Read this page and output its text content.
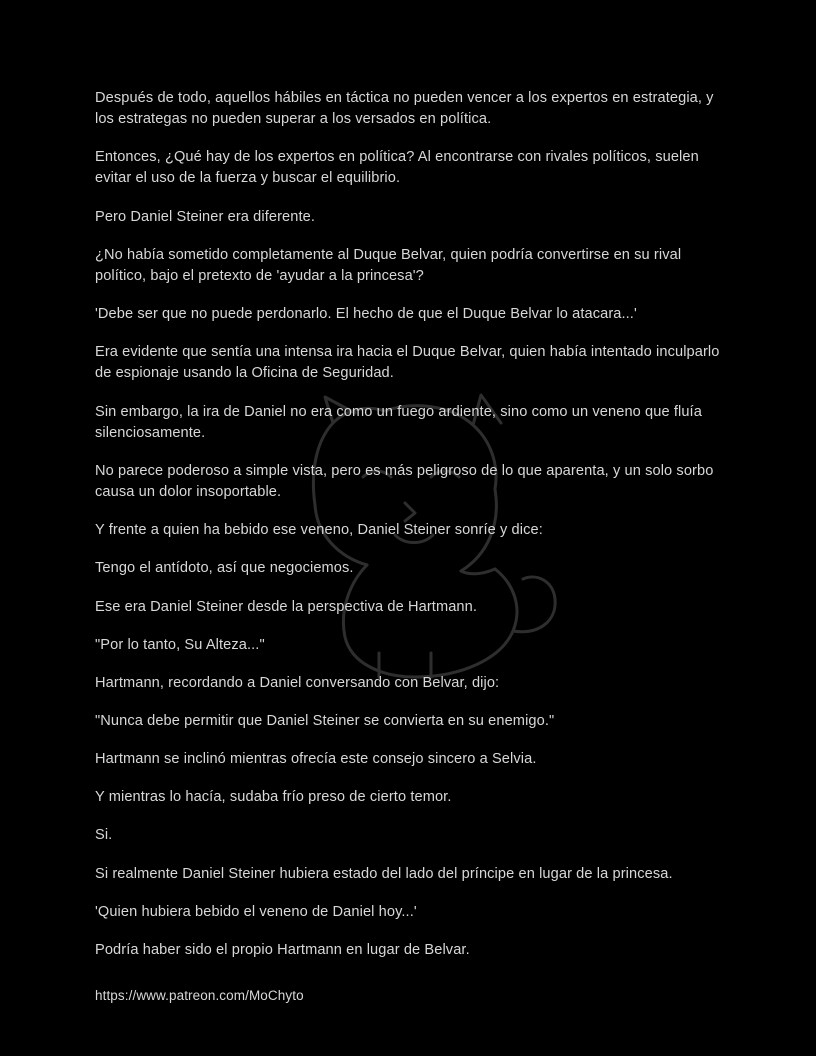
Después de todo, aquellos hábiles en táctica no pueden vencer a los expertos en estrategia, y los estrategas no pueden superar a los versados en política.

Entonces, ¿Qué hay de los expertos en política? Al encontrarse con rivales políticos, suelen evitar el uso de la fuerza y buscar el equilibrio.

Pero Daniel Steiner era diferente.

¿No había sometido completamente al Duque Belvar, quien podría convertirse en su rival político, bajo el pretexto de 'ayudar a la princesa'?

'Debe ser que no puede perdonarlo. El hecho de que el Duque Belvar lo atacara...'

Era evidente que sentía una intensa ira hacia el Duque Belvar, quien había intentado inculparlo de espionaje usando la Oficina de Seguridad.

Sin embargo, la ira de Daniel no era como un fuego ardiente, sino como un veneno que fluía silenciosamente.

No parece poderoso a simple vista, pero es más peligroso de lo que aparenta, y un solo sorbo causa un dolor insoportable.

Y frente a quien ha bebido ese veneno, Daniel Steiner sonríe y dice:

Tengo el antídoto, así que negociemos.

Ese era Daniel Steiner desde la perspectiva de Hartmann.

"Por lo tanto, Su Alteza..."

Hartmann, recordando a Daniel conversando con Belvar, dijo:

"Nunca debe permitir que Daniel Steiner se convierta en su enemigo."

Hartmann se inclinó mientras ofrecía este consejo sincero a Selvia.

Y mientras lo hacía, sudaba frío preso de cierto temor.

Si.

Si realmente Daniel Steiner hubiera estado del lado del príncipe en lugar de la princesa.

'Quien hubiera bebido el veneno de Daniel hoy...'

Podría haber sido el propio Hartmann en lugar de Belvar.

https://www.patreon.com/MoChyto
